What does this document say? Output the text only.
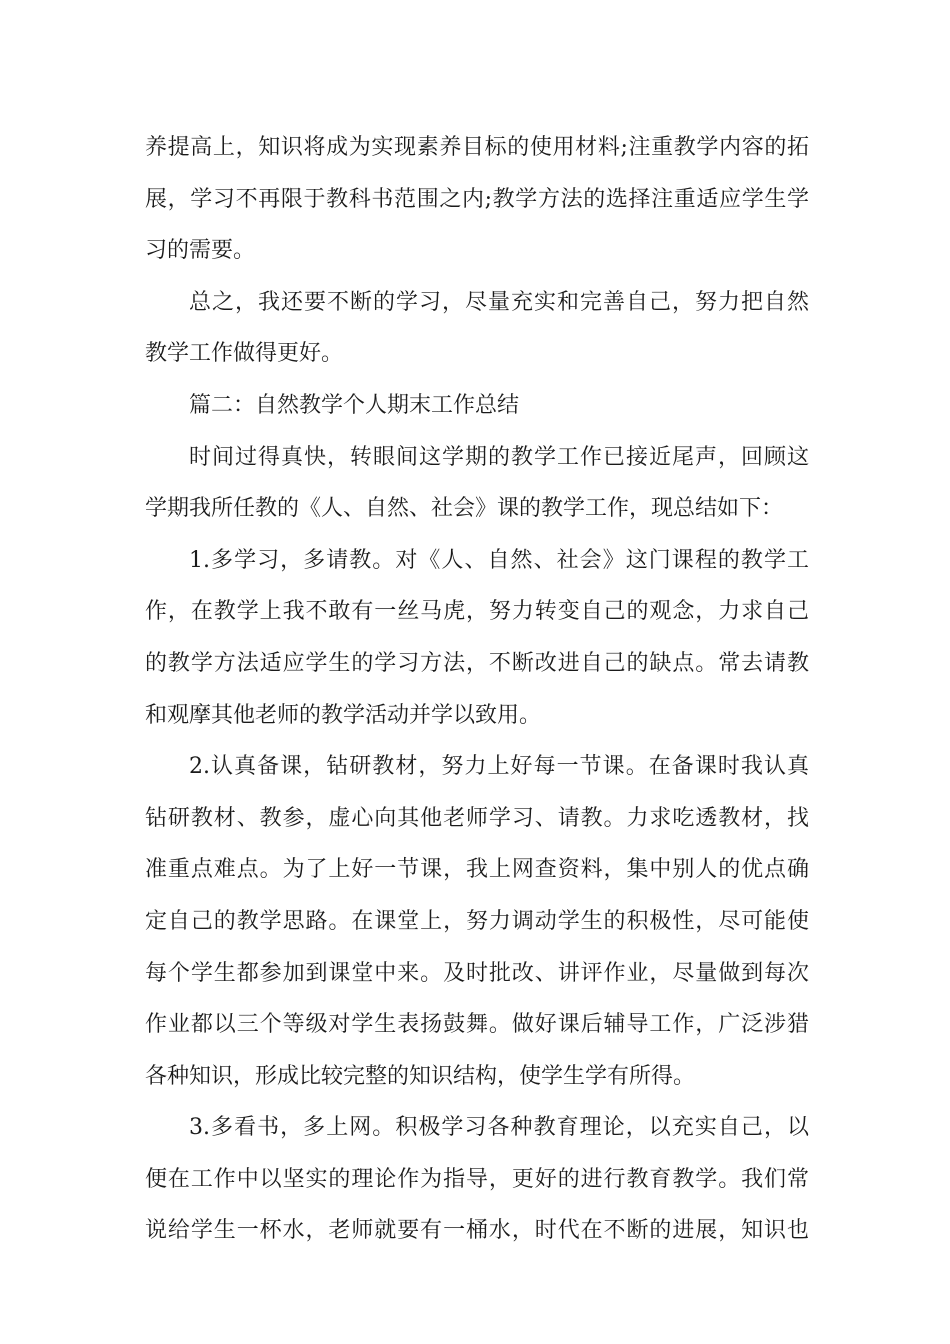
养提高上，知识将成为实现素养目标的使用材料;注重教学内容的拓
展，学习不再限于教科书范围之内;教学方法的选择注重适应学生学
习的需要。

总之，我还要不断的学习，尽量充实和完善自己，努力把自然
教学工作做得更好。

篇二：自然教学个人期末工作总结

时间过得真快，转眼间这学期的教学工作已接近尾声，回顾这
学期我所任教的《人、自然、社会》课的教学工作，现总结如下：

1.多学习，多请教。对《人、自然、社会》这门课程的教学工
作，在教学上我不敢有一丝马虎，努力转变自己的观念，力求自己
的教学方法适应学生的学习方法，不断改进自己的缺点。常去请教
和观摩其他老师的教学活动并学以致用。

2.认真备课，钻研教材，努力上好每一节课。在备课时我认真
钻研教材、教参，虚心向其他老师学习、请教。力求吃透教材，找
准重点难点。为了上好一节课，我上网查资料，集中别人的优点确
定自己的教学思路。在课堂上，努力调动学生的积极性，尽可能使
每个学生都参加到课堂中来。及时批改、讲评作业，尽量做到每次
作业都以三个等级对学生表扬鼓舞。做好课后辅导工作，广泛涉猎
各种知识，形成比较完整的知识结构，使学生学有所得。

3.多看书，多上网。积极学习各种教育理论，以充实自己，以
便在工作中以坚实的理论作为指导，更好的进行教育教学。我们常
说给学生一杯水，老师就要有一桶水，时代在不断的进展，知识也
